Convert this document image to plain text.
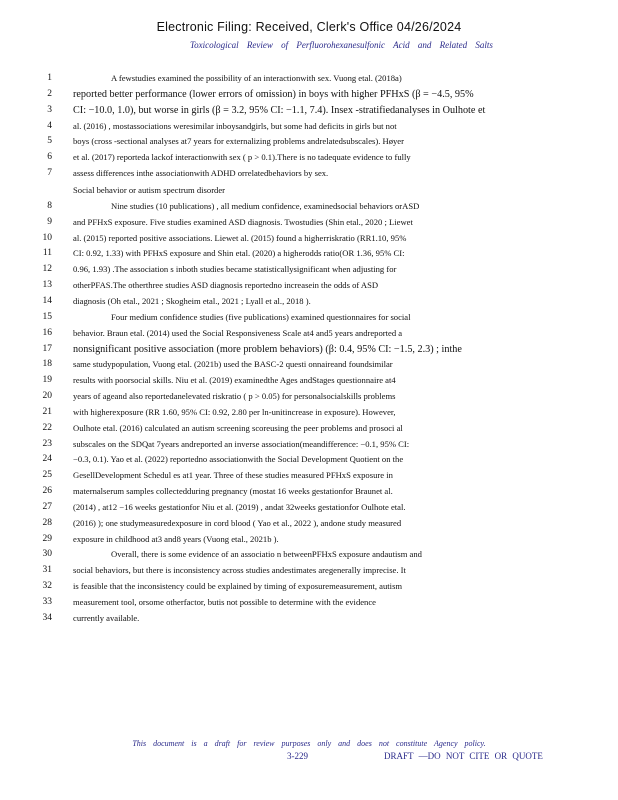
Electronic Filing: Received, Clerk's Office 04/26/2024
Toxicological Review of Perfluorohexanesulfonic Acid and Related Salts
1	A fewstudies examined the possibility of an interactionwith sex. Vuong etal. (2018a)
2 reported better performance (lower errors of omission) in boys with higher PFHxS (β = −4.5, 95%
3 CI: −10.0, 1.0), but worse in girls (β = 3.2, 95% CI: −1.1, 7.4). Insex -stratifiedanalyses in Oulhote et
4 al. (2016) , mostassociations weresimilar inboysandgirls, but some had deficits in girls but not
5 boys (cross -sectional analyses at7 years for externalizing problems andrelatedsubscales). Høyer
6 et al. (2017) reporteda lackof interactionwith sex ( p > 0.1).There is no tadequate evidence to fully
7 assess differences inthe associationwith ADHD orrelatedbehaviors by sex.
Social behavior or autism spectrum disorder
8	Nine studies (10 publications) , all medium confidence, examinedsocial behaviors orASD
9 and PFHxS exposure. Five studies examined ASD diagnosis. Twostudies (Shin etal., 2020 ; Liewet
10 al. (2015) reported positive associations. Liewet al. (2015) found a higherriskratio (RR1.10, 95%
11 CI: 0.92, 1.33) with PFHxS exposure and Shin etal. (2020) a higherodds ratio(OR 1.36, 95% CI:
12 0.96, 1.93) .The association s inboth studies became statisticallysignificant when adjusting for
13 otherPFAS.The otherthree studies ASD diagnosis reportedno increasein the odds of ASD
14 diagnosis (Oh etal., 2021 ; Skogheim etal., 2021 ; Lyall et al., 2018 ).
15	Four medium confidence studies (five publications) examined questionnaires for social
16 behavior. Braun etal. (2014) used the Social Responsiveness Scale at4 and5 years andreported a
17 nonsignificant positive association (more problem behaviors) (β: 0.4, 95% CI: −1.5, 2.3) ; inthe
18 same studypopulation, Vuong etal. (2021b) used the BASC-2 questi onnaireand foundsimilar
19 results with poorsocial skills. Niu et al. (2019) examinedthe Ages andStages questionnaire at4
20 years of ageand also reportedanelevated riskratio ( p > 0.05) for personalsocialskills problems
21 with higherexposure (RR 1.60, 95% CI: 0.92, 2.80 per ln-unitincrease in exposure). However,
22 Oulhote etal. (2016) calculated an autism screening scoreusing the peer problems and prosoci al
23 subscales on the SDQat 7years andreported an inverse association(meandifference: −0.1, 95% CI:
24 −0.3, 0.1). Yao et al. (2022) reportedno associationwith the Social Development Quotient on the
25 GesellDevelopment Schedul es at1 year. Three of these studies measured PFHxS exposure in
26 maternalserum samples collectedduring pregnancy (mostat 16 weeks gestationfor Braunet al.
27 (2014) , at12 −16 weeks gestationfor Niu et al. (2019) , andat 32weeks gestationfor Oulhote etal.
28 (2016) ); one studymeasuredexposure in cord blood ( Yao et al., 2022 ), andone study measured
29 exposure in childhood at3 and8 years (Vuong etal., 2021b ).
30	Overall, there is some evidence of an associatio n betweenPFHxS exposure andautism and
31 social behaviors, but there is inconsistency across studies andestimates aregenerally imprecise. It
32 is feasible that the inconsistency could be explained by timing of exposuremeasurement, autism
33 measurement tool, orsome otherfactor, butis not possible to determine with the evidence
34 currently available.
This document is a draft for review purposes only and does not constitute Agency policy.
3-229	DRAFT —DO NOT CITE OR QUOTE
